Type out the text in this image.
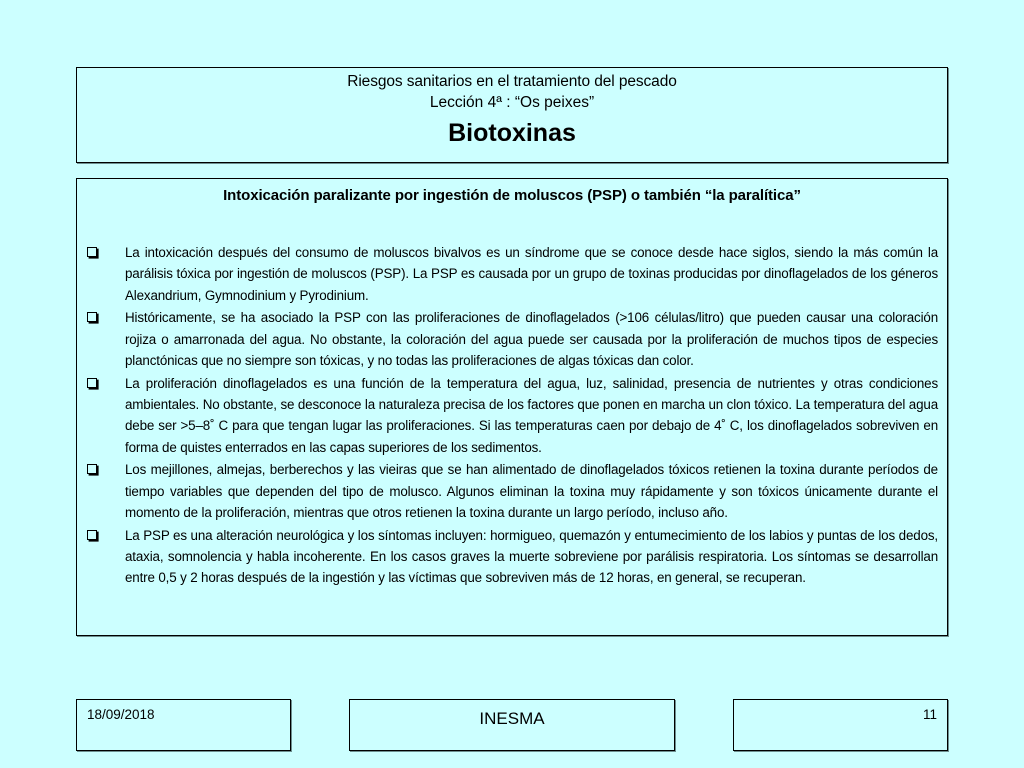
Riesgos sanitarios en el tratamiento del pescado
Lección 4ª : “Os peixes”
Biotoxinas
Intoxicación paralizante por ingestión de moluscos (PSP) o también “la paralítica”
La intoxicación después del consumo de moluscos bivalvos es un síndrome que se conoce desde hace siglos, siendo la más común la parálisis tóxica por ingestión de moluscos (PSP). La PSP es causada por un grupo de toxinas producidas por dinoflagelados de los géneros Alexandrium, Gymnodinium y Pyrodinium.
Históricamente, se ha asociado la PSP con las proliferaciones de dinoflagelados (>106 células/litro) que pueden causar una coloración rojiza o amarronada del agua. No obstante, la coloración del agua puede ser causada por la proliferación de muchos tipos de especies planctónicas que no siempre son tóxicas, y no todas las proliferaciones de algas tóxicas dan color.
La proliferación dinoflagelados es una función de la temperatura del agua, luz, salinidad, presencia de nutrientes y otras condiciones ambientales. No obstante, se desconoce la naturaleza precisa de los factores que ponen en marcha un clon tóxico. La temperatura del agua debe ser >5–8˚ C para que tengan lugar las proliferaciones. Si las temperaturas caen por debajo de 4˚ C, los dinoflagelados sobreviven en forma de quistes enterrados en las capas superiores de los sedimentos.
Los mejillones, almejas, berberechos y las vieiras que se han alimentado de dinoflagelados tóxicos retienen la toxina durante períodos de tiempo variables que dependen del tipo de molusco. Algunos eliminan la toxina muy rápidamente y son tóxicos únicamente durante el momento de la proliferación, mientras que otros retienen la toxina durante un largo período, incluso año.
La PSP es una alteración neurológica y los síntomas incluyen: hormigueo, quemazón y entumecimiento de los labios y puntas de los dedos, ataxia, somnolencia y habla incoherente. En los casos graves la muerte sobreviene por parálisis respiratoria. Los síntomas se desarrollan entre 0,5 y 2 horas después de la ingestión y las víctimas que sobreviven más de 12 horas, en general, se recuperan.
18/09/2018	INESMA	11
